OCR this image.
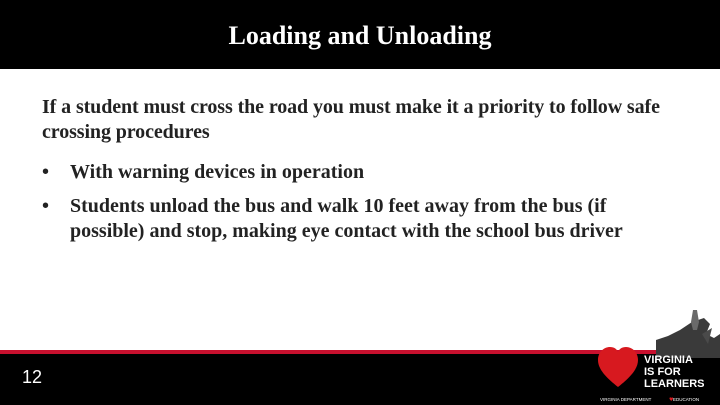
Loading and Unloading

If a student must cross the road you must make it a priority to follow safe crossing procedures

•	With warning devices in operation
•	Students unload the bus and walk 10 feet away from the bus (if possible) and stop, making eye contact with the school bus driver
12
VIRGINIA
IS FOR
LEARNERS
VIRGINIA DEPARTMENT	♥ EDUCATION
